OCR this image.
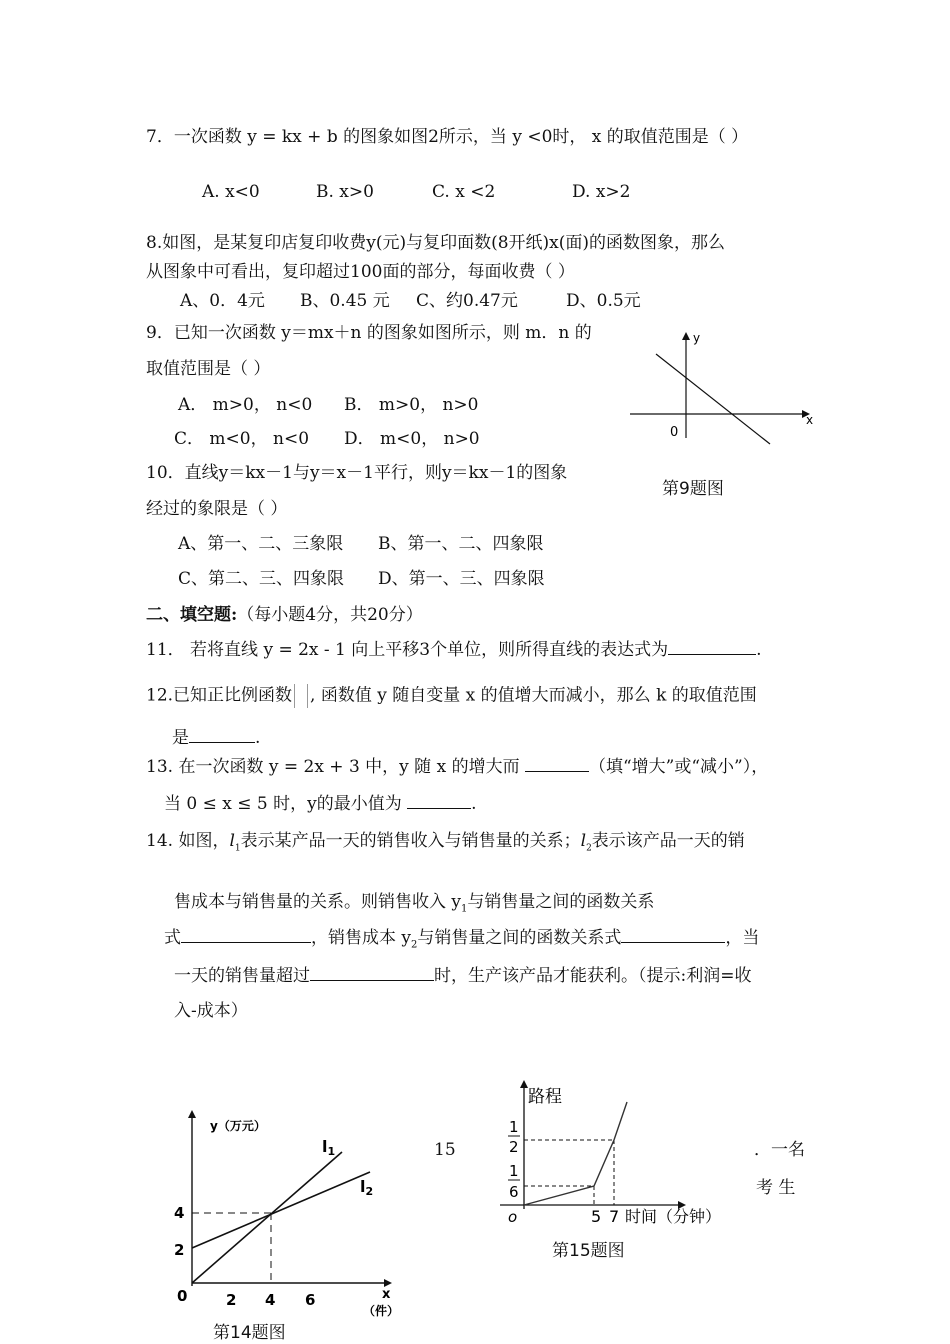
7．一次函数 y = kx + b 的图象如图2所示，当 y <0时， x 的取值范围是（ ）
A. x<0	B. x>0	C. x <2	D. x>2
8.如图，是某复印店复印收费y(元)与复印面数(8开纸)x(面)的函数图象，那么
从图象中可看出，复印超过100面的部分，每面收费（ ）
A、0．4元 B、0.45 元 C、约0.47元	D、0.5元
9．已知一次函数 y＝mx＋n 的图象如图所示，则 m．n 的
取值范围是（ ）
A． m>0， n<0 B． m>0， n>0
C． m<0， n<0 D． m<0， n>0
y
x
0
第9题图
10．直线y＝kx－1与y＝x－1平行，则y＝kx－1的图象
经过的象限是（ ）
A、第一、二、三象限 B、第一、二、四象限
C、第二、三、四象限 D、第一、三、四象限
二、填空题:（每小题4分，共20分）
11． 若将直线 y = 2x - 1 向上平移3个单位，则所得直线的表达式为	.
12.已知正比例函数 , 函数值 y 随自变量 x 的值增大而减小，那么 k 的取值范围
是	.
13. 在一次函数 y = 2x + 3 中，y 随 x 的增大而	（填“增大”或“减小”），
当 0 ≤ x ≤ 5 时，y的最小值为	.
14. 如图，$l_1$表示某产品一天的销售收入与销售量的关系；$l_2$表示该产品一天的销
售成本与销售量的关系。则销售收入 $y_1$与销售量之间的函数关系
式	，销售成本 $y_2$与销售量之间的函数关系式	，当
一天的销售量超过	时，生产该产品才能获利。（提示:利润=收
入-成本）
y（万元）
l1
l2
0	2 4 6
2
4
x
（件）
第14题图
15	．一名
考 生
路程
1
2
1
6
o	5 7 时间（分钟）
第15题图
